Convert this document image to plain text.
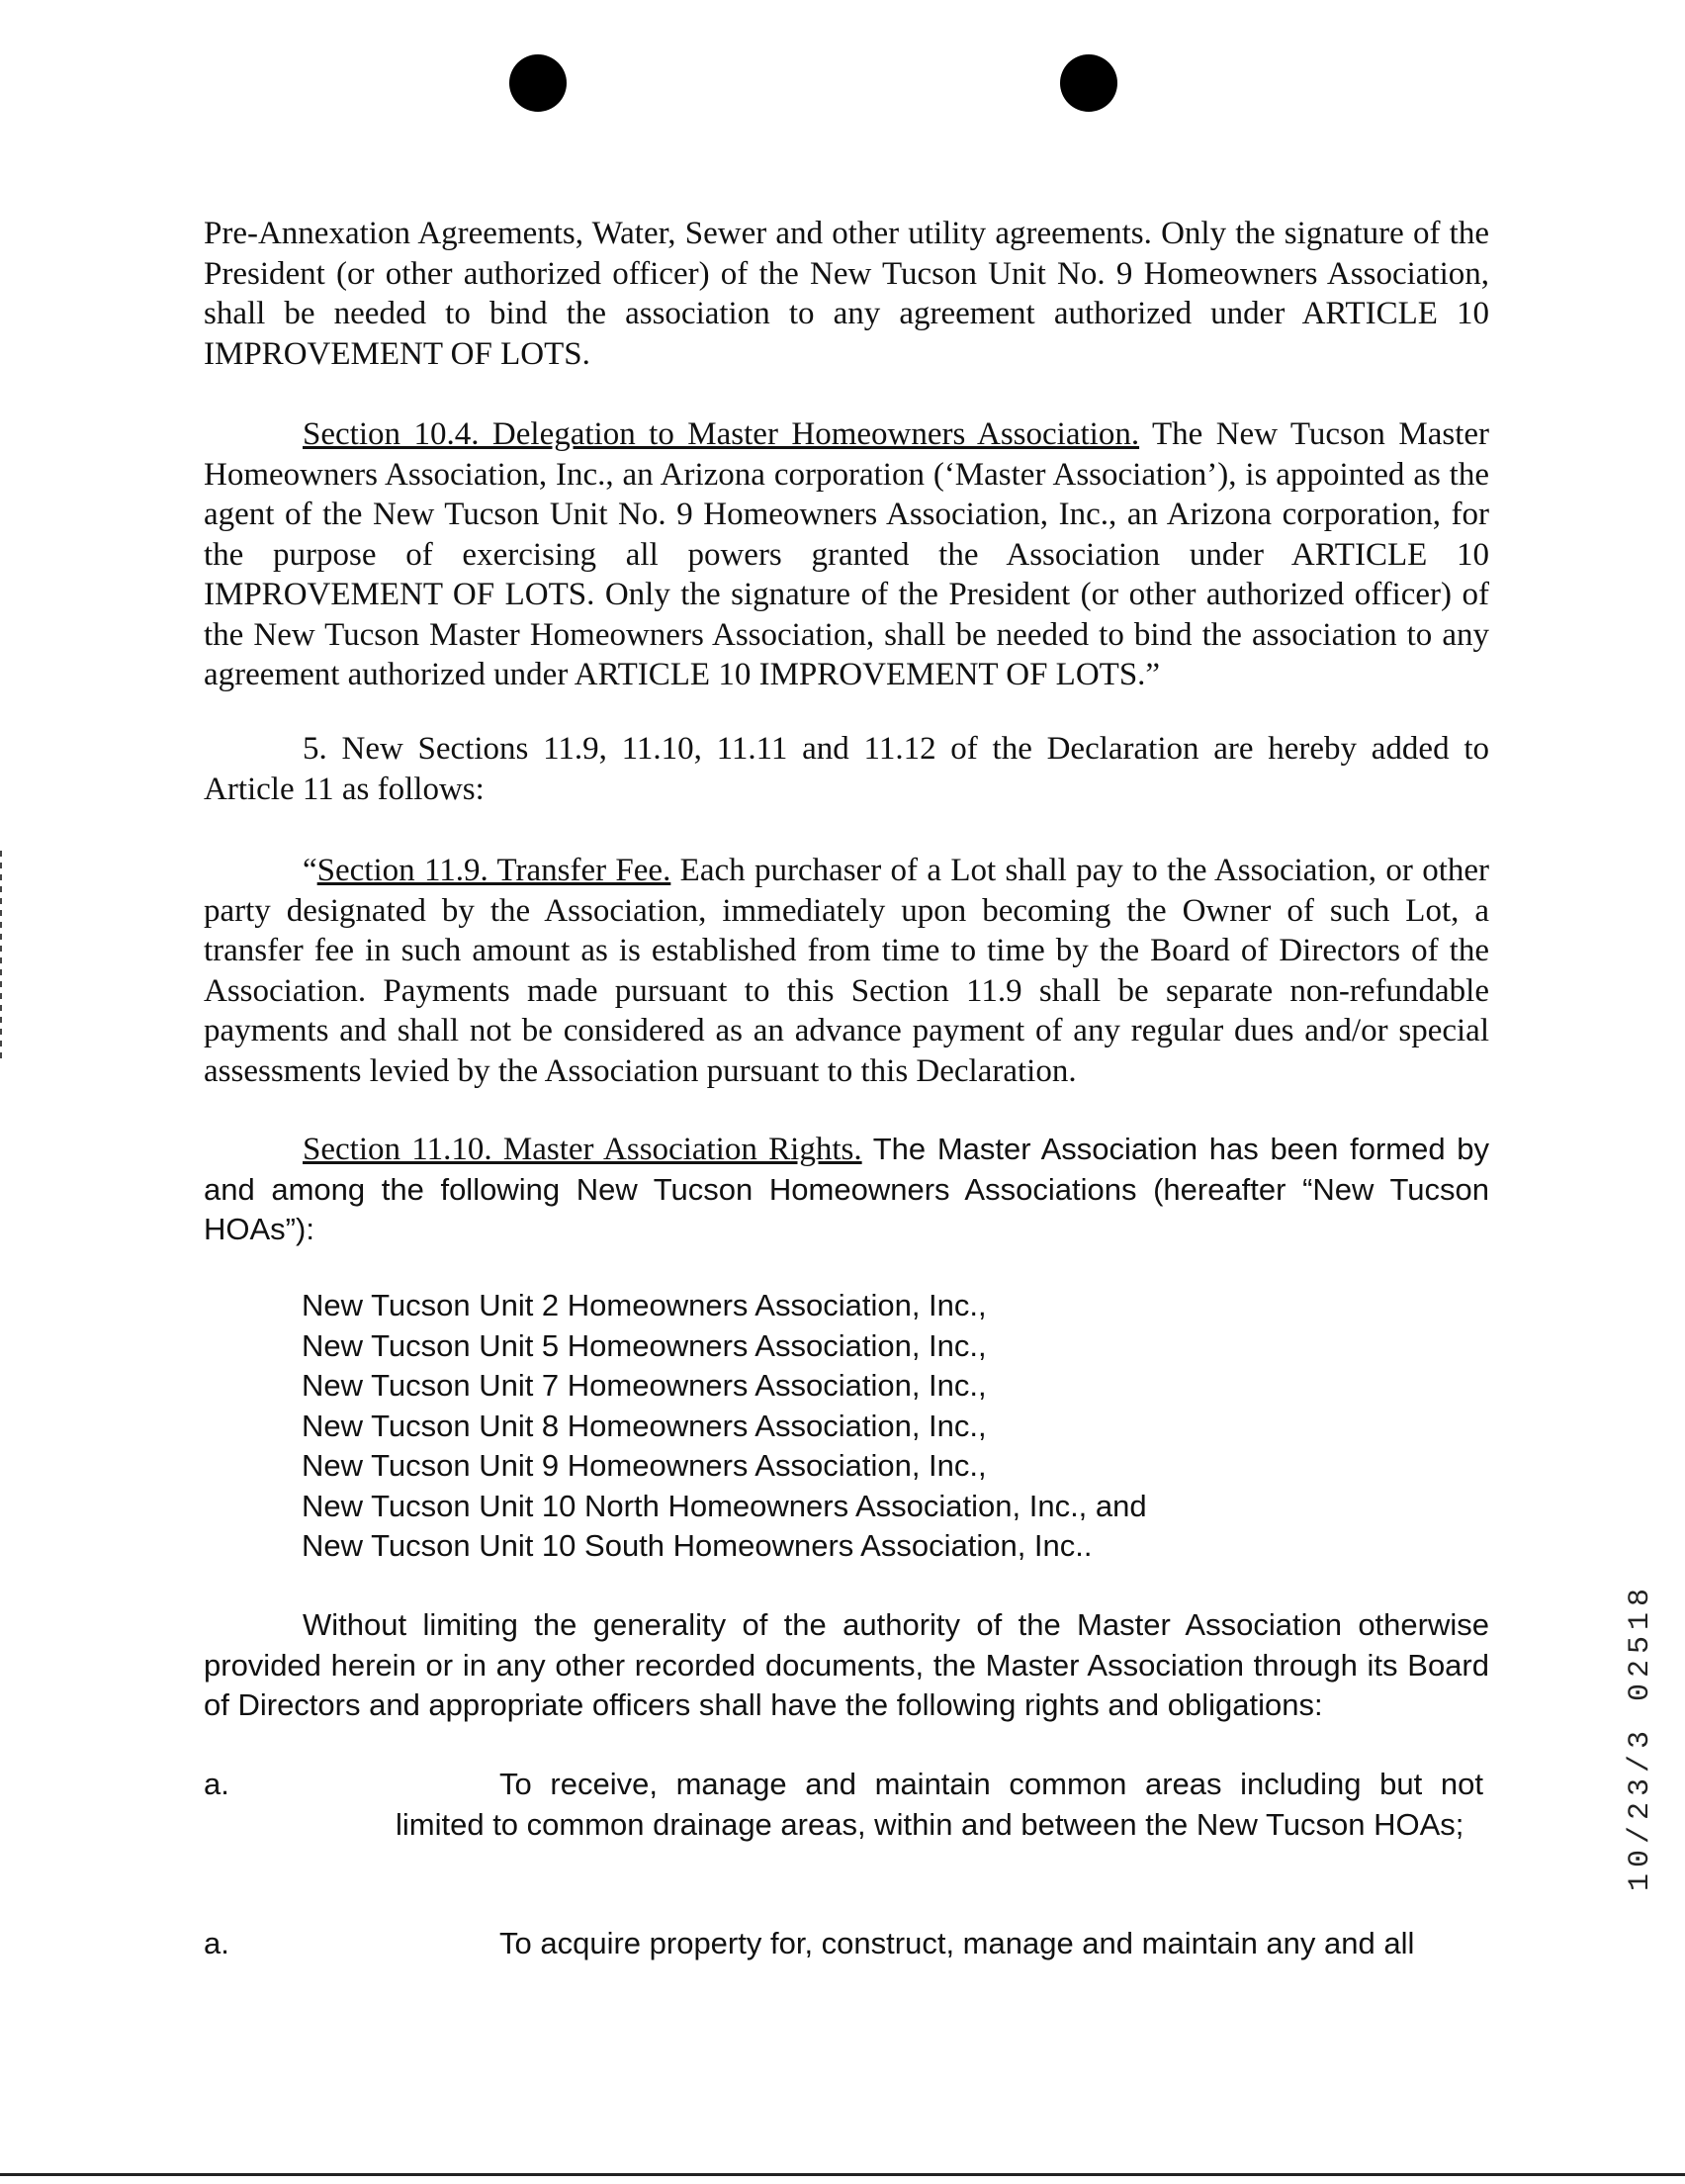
Pre-Annexation Agreements, Water, Sewer and other utility agreements. Only the signature of the President (or other authorized officer) of the New Tucson Unit No. 9 Homeowners Association, shall be needed to bind the association to any agreement authorized under ARTICLE 10 IMPROVEMENT OF LOTS.

Section 10.4. Delegation to Master Homeowners Association. The New Tucson Master Homeowners Association, Inc., an Arizona corporation (‘Master Association’), is appointed as the agent of the New Tucson Unit No. 9 Homeowners Association, Inc., an Arizona corporation, for the purpose of exercising all powers granted the Association under ARTICLE 10 IMPROVEMENT OF LOTS. Only the signature of the President (or other authorized officer) of the New Tucson Master Homeowners Association, shall be needed to bind the association to any agreement authorized under ARTICLE 10 IMPROVEMENT OF LOTS.”

5. New Sections 11.9, 11.10, 11.11 and 11.12 of the Declaration are hereby added to Article 11 as follows:

“Section 11.9. Transfer Fee. Each purchaser of a Lot shall pay to the Association, or other party designated by the Association, immediately upon becoming the Owner of such Lot, a transfer fee in such amount as is established from time to time by the Board of Directors of the Association. Payments made pursuant to this Section 11.9 shall be separate non-refundable payments and shall not be considered as an advance payment of any regular dues and/or special assessments levied by the Association pursuant to this Declaration.

Section 11.10. Master Association Rights. The Master Association has been formed by and among the following New Tucson Homeowners Associations (hereafter “New Tucson HOAs”):

New Tucson Unit 2 Homeowners Association, Inc.,
New Tucson Unit 5 Homeowners Association, Inc.,
New Tucson Unit 7 Homeowners Association, Inc.,
New Tucson Unit 8 Homeowners Association, Inc.,
New Tucson Unit 9 Homeowners Association, Inc.,
New Tucson Unit 10 North Homeowners Association, Inc., and
New Tucson Unit 10 South Homeowners Association, Inc..

Without limiting the generality of the authority of the Master Association otherwise provided herein or in any other recorded documents, the Master Association through its Board of Directors and appropriate officers shall have the following rights and obligations:

a.	To receive, manage and maintain common areas including but not limited to common drainage areas, within and between the New Tucson HOAs;

a.	To acquire property for, construct, manage and maintain any and all

10/23/3 02518
